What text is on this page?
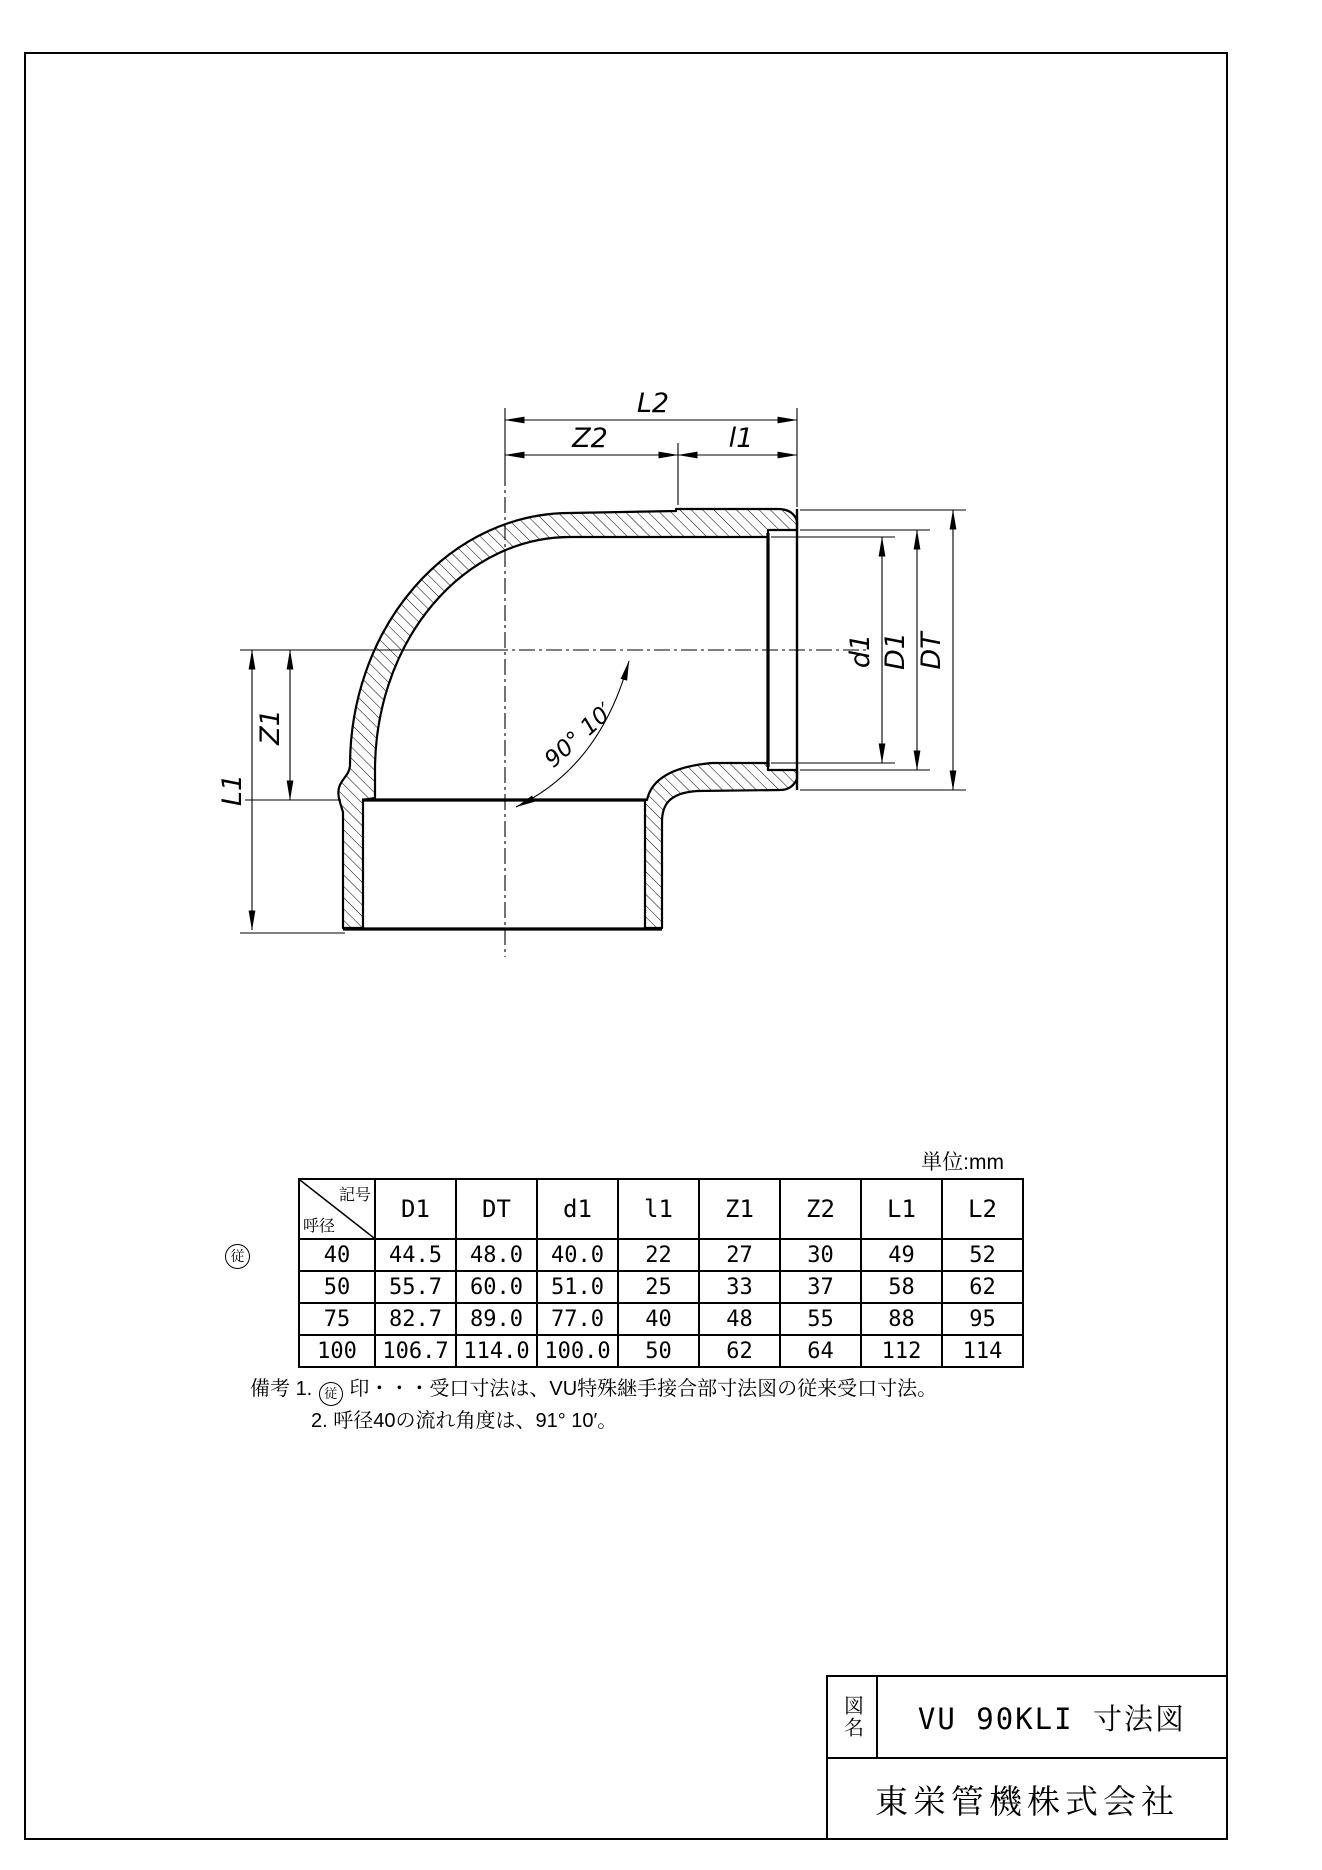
L2
Z2	l1
L1
Z1
d1 D1 DT
90° 10′
単位:mm
従
記号
呼径	D1	DT	d1	l1	Z1	Z2	L1	L2
40	44.5	48.0	40.0	22	27	30	49	52
50	55.7	60.0	51.0	25	33	37	58	62
75	82.7	89.0	77.0	40	48	55	88	95
100	106.7	114.0	100.0	50	62	64	112	114
備考 1. 従 印・・・受口寸法は、VU特殊継手接合部寸法図の従来受口寸法。
2. 呼径40の流れ角度は、91° 10′。
図名	VU 90KLI 寸法図
東栄管機株式会社
